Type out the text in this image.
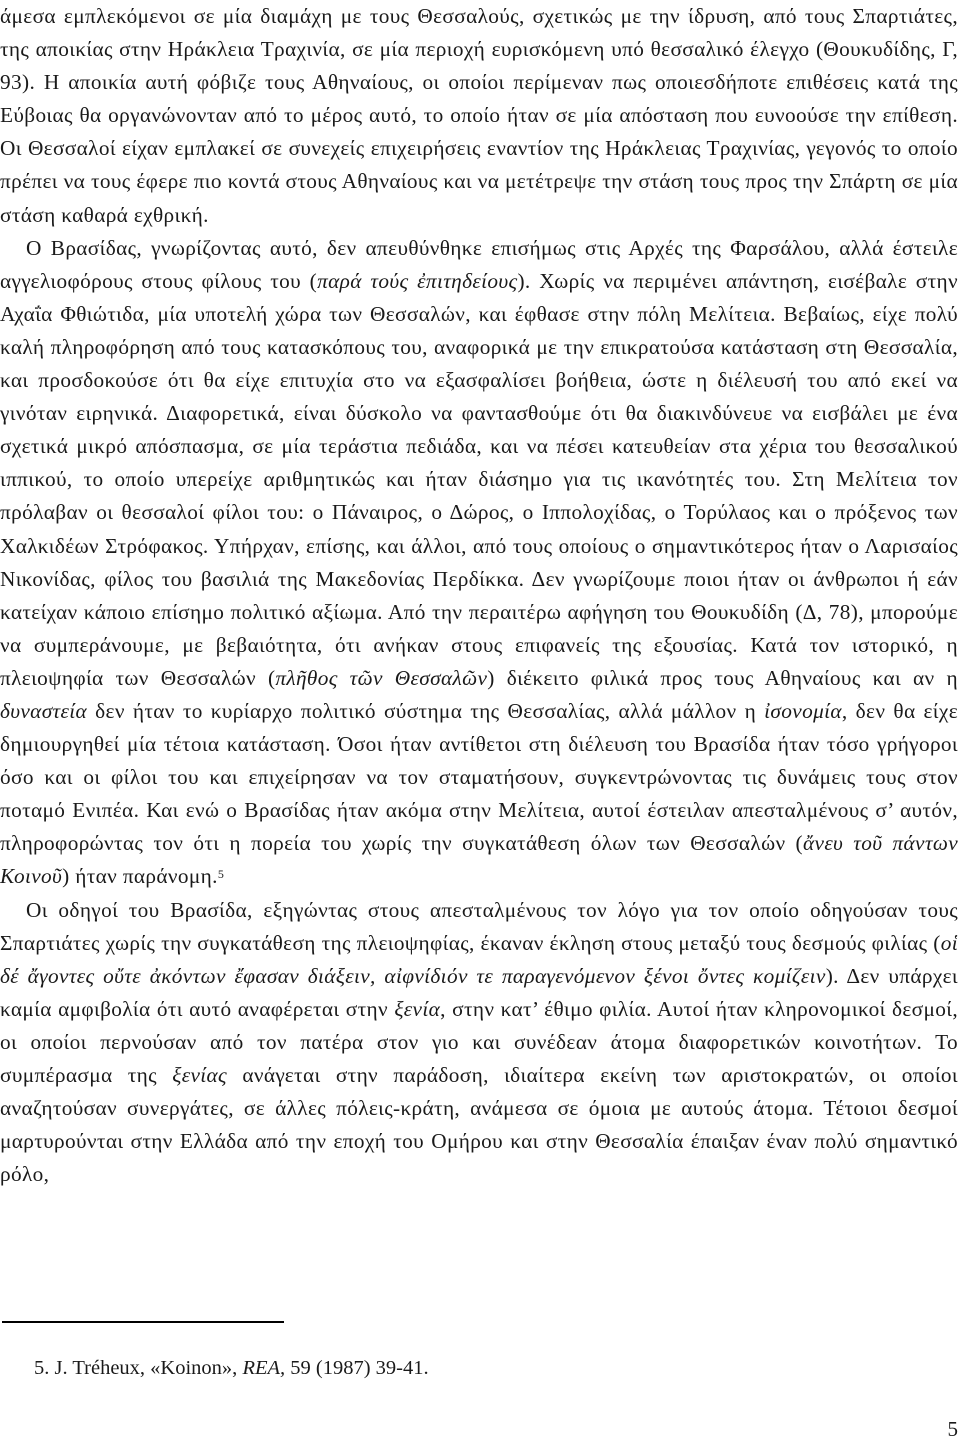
άμεσα εμπλεκόμενοι σε μία διαμάχη με τους Θεσσαλούς, σχετικώς με την ίδρυση, από τους Σπαρτιάτες, της αποικίας στην Ηράκλεια Τραχινία, σε μία περιοχή ευρισκόμενη υπό θεσσαλικό έλεγχο (Θουκυδίδης, Γ, 93). Η αποικία αυτή φόβιζε τους Αθηναίους, οι οποίοι περίμεναν πως οποιεσδήποτε επιθέσεις κατά της Εύβοιας θα οργανώνονταν από το μέρος αυτό, το οποίο ήταν σε μία απόσταση που ευνοούσε την επίθεση. Οι Θεσσαλοί είχαν εμπλακεί σε συνεχείς επιχειρήσεις εναντίον της Ηράκλειας Τραχινίας, γεγονός το οποίο πρέπει να τους έφερε πιο κοντά στους Αθηναίους και να μετέτρεψε την στάση τους προς την Σπάρτη σε μία στάση καθαρά εχθρική.

Ο Βρασίδας, γνωρίζοντας αυτό, δεν απευθύνθηκε επισήμως στις Αρχές της Φαρσάλου, αλλά έστειλε αγγελιοφόρους στους φίλους του (παρά τούς ἐπιτηδείους). Χωρίς να περιμένει απάντηση, εισέβαλε στην Αχαΐα Φθιώτιδα, μία υποτελή χώρα των Θεσσαλών, και έφθασε στην πόλη Μελίτεια. Βεβαίως, είχε πολύ καλή πληροφόρηση από τους κατασκόπους του, αναφορικά με την επικρατούσα κατάσταση στη Θεσσαλία, και προσδοκούσε ότι θα είχε επιτυχία στο να εξασφαλίσει βοήθεια, ώστε η διέλευσή του από εκεί να γινόταν ειρηνικά. Διαφορετικά, είναι δύσκολο να φαντασθούμε ότι θα διακινδύνευε να εισβάλει με ένα σχετικά μικρό απόσπασμα, σε μία τεράστια πεδιάδα, και να πέσει κατευθείαν στα χέρια του θεσσαλικού ιππικού, το οποίο υπερείχε αριθμητικώς και ήταν διάσημο για τις ικανότητές του. Στη Μελίτεια τον πρόλαβαν οι θεσσαλοί φίλοι του: ο Πάναιρος, ο Δώρος, ο Ιππολοχίδας, ο Τορύλαος και ο πρόξενος των Χαλκιδέων Στρόφακος. Υπήρχαν, επίσης, και άλλοι, από τους οποίους ο σημαντικότερος ήταν ο Λαρισαίος Νικονίδας, φίλος του βασιλιά της Μακεδονίας Περδίκκα. Δεν γνωρίζουμε ποιοι ήταν οι άνθρωποι ή εάν κατείχαν κάποιο επίσημο πολιτικό αξίωμα. Από την περαιτέρω αφήγηση του Θουκυδίδη (Δ, 78), μπορούμε να συμπεράνουμε, με βεβαιότητα, ότι ανήκαν στους επιφανείς της εξουσίας. Κατά τον ιστορικό, η πλειοψηφία των Θεσσαλών (πλῆθος τῶν Θεσσαλῶν) διέκειτο φιλικά προς τους Αθηναίους και αν η δυναστεία δεν ήταν το κυρίαρχο πολιτικό σύστημα της Θεσσαλίας, αλλά μάλλον η ἰσονομία, δεν θα είχε δημιουργηθεί μία τέτοια κατάσταση. Όσοι ήταν αντίθετοι στη διέλευση του Βρασίδα ήταν τόσο γρήγοροι όσο και οι φίλοι του και επιχείρησαν να τον σταματήσουν, συγκεντρώνοντας τις δυνάμεις τους στον ποταμό Ενιπέα. Και ενώ ο Βρασίδας ήταν ακόμα στην Μελίτεια, αυτοί έστειλαν απεσταλμένους σ’ αυτόν, πληροφορώντας τον ότι η πορεία του χωρίς την συγκατάθεση όλων των Θεσσαλών (ἄνευ τοῦ πάντων Κοινοῦ) ήταν παράνομη.$^5$

Οι οδηγοί του Βρασίδα, εξηγώντας στους απεσταλμένους τον λόγο για τον οποίο οδηγούσαν τους Σπαρτιάτες χωρίς την συγκατάθεση της πλειοψηφίας, έκαναν έκληση στους μεταξύ τους δεσμούς φιλίας (οἱ δέ ἄγοντες οὔτε ἀκόντων ἔφασαν διάξειν, αἰφνίδιόν τε παραγενόμενον ξένοι ὄντες κομίζειν). Δεν υπάρχει καμία αμφιβολία ότι αυτό αναφέρεται στην ξενία, στην κατ’ έθιμο φιλία. Αυτοί ήταν κληρονομικοί δεσμοί, οι οποίοι περνούσαν από τον πατέρα στον γιο και συνέδεαν άτομα διαφορετικών κοινοτήτων. Το συμπέρασμα της ξενίας ανάγεται στην παράδοση, ιδιαίτερα εκείνη των αριστοκρατών, οι οποίοι αναζητούσαν συνεργάτες, σε άλλες πόλεις-κράτη, ανάμεσα σε όμοια με αυτούς άτομα. Τέτοιοι δεσμοί μαρτυρούνται στην Ελλάδα από την εποχή του Ομήρου και στην Θεσσαλία έπαιξαν έναν πολύ σημαντικό ρόλο,

5. J. Tréheux, «Koinon», REA, 59 (1987) 39-41.
5
